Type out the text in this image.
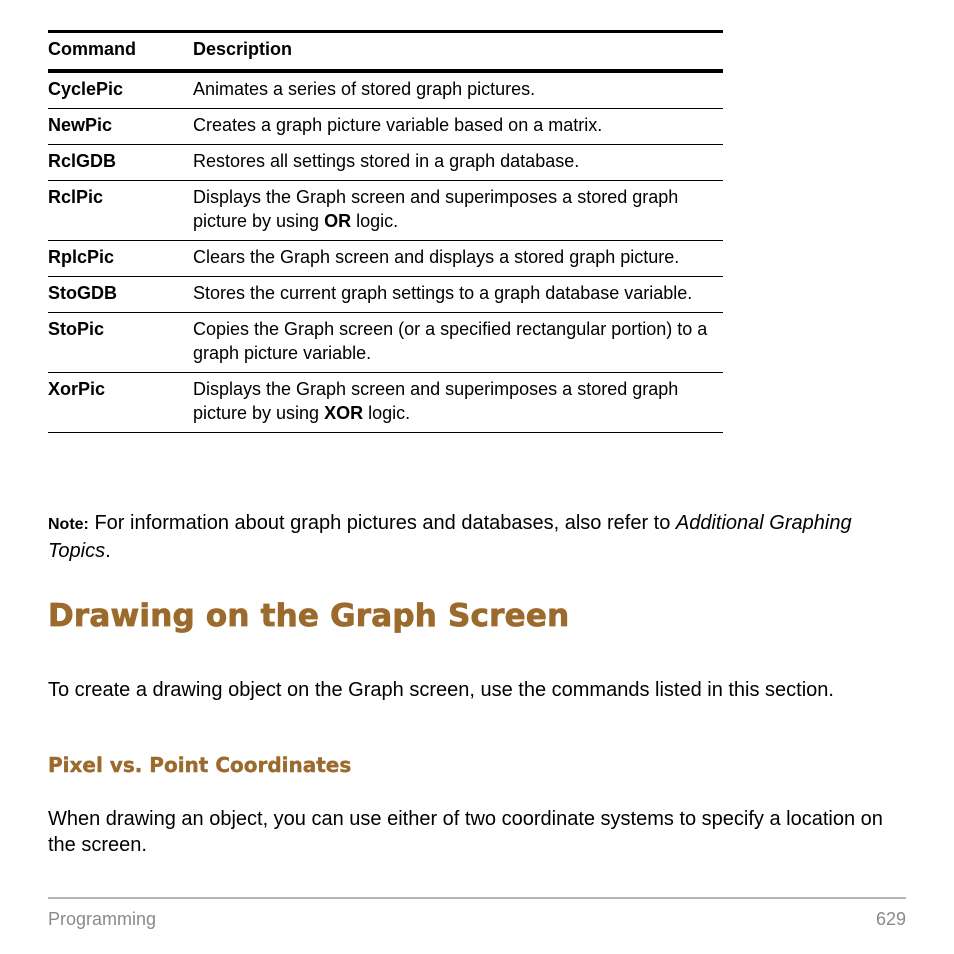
Command	Description
CyclePic	Animates a series of stored graph pictures.
NewPic	Creates a graph picture variable based on a matrix.
RclGDB	Restores all settings stored in a graph database.
RclPic	Displays the Graph screen and superimposes a stored graph picture by using OR logic.
RplcPic	Clears the Graph screen and displays a stored graph picture.
StoGDB	Stores the current graph settings to a graph database variable.
StoPic	Copies the Graph screen (or a specified rectangular portion) to a graph picture variable.
XorPic	Displays the Graph screen and superimposes a stored graph picture by using XOR logic.

Note: For information about graph pictures and databases, also refer to Additional Graphing Topics.

Drawing on the Graph Screen

To create a drawing object on the Graph screen, use the commands listed in this section.

Pixel vs. Point Coordinates

When drawing an object, you can use either of two coordinate systems to specify a location on the screen.

Programming	629
